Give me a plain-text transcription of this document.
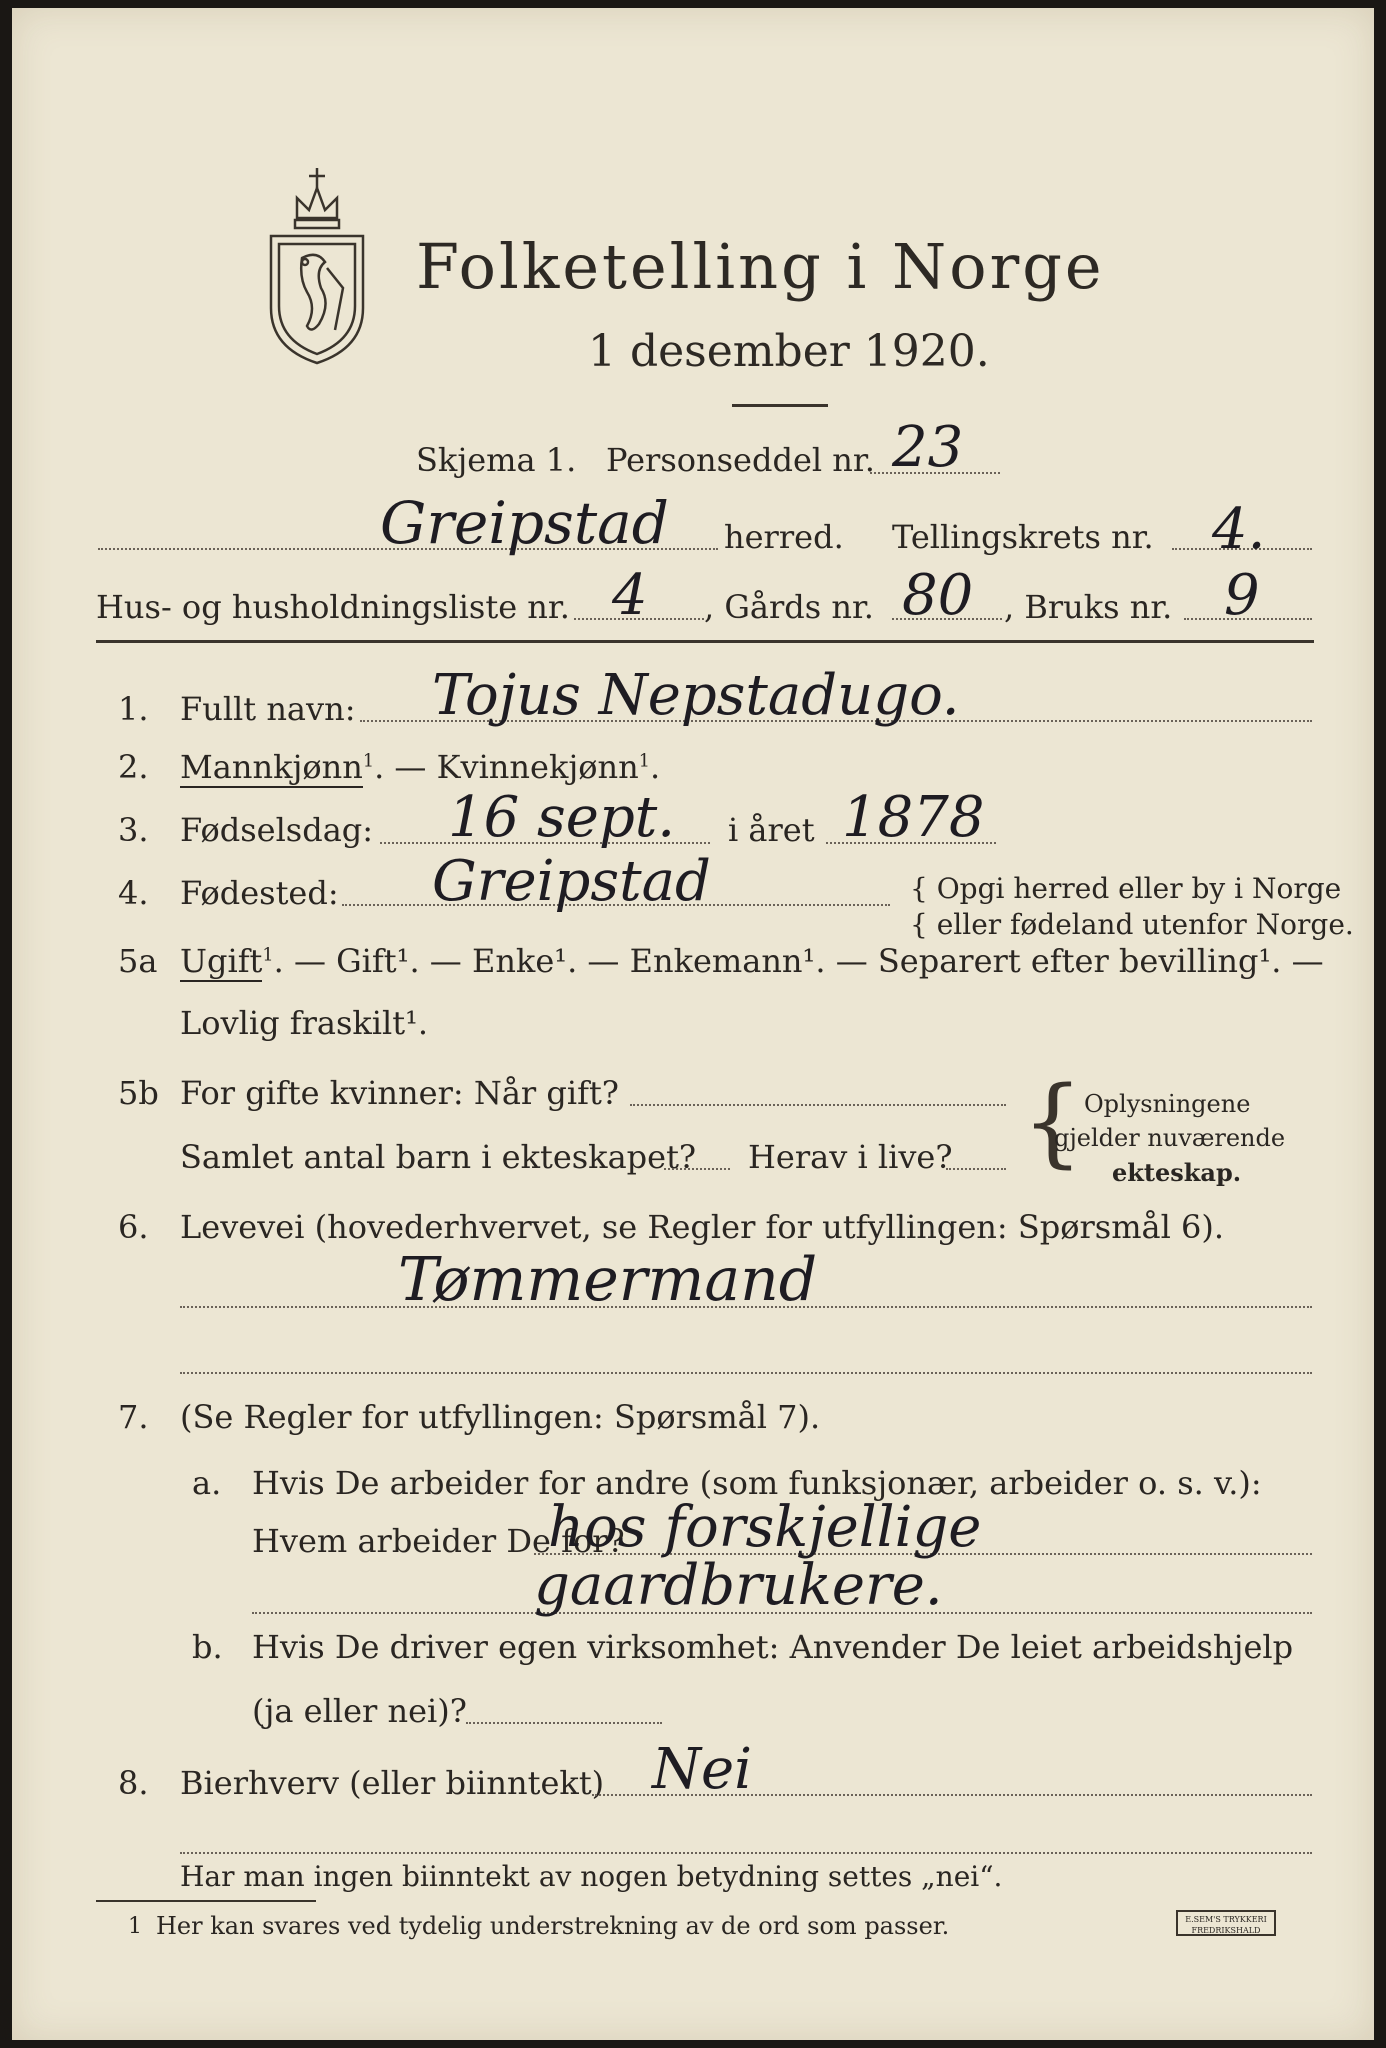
Folketelling i Norge
1 desember 1920.
Skjema 1. Personseddel nr. 23
Greipstad herred. Tellingskrets nr. 4.
Hus- og husholdningsliste nr. 4 , Gårds nr. 80 , Bruks nr. 9
1. Fullt navn: Tojus Nepstadugo.
2. Mannkjønn$^1$. — Kvinnekjønn$^1$.
3. Fødselsdag: 16 sept. i året 1878
4. Fødested: Greipstad	{ Opgi herred eller by i Norge
{ eller fødeland utenfor Norge.
5a Ugift$^1$. — Gift¹. — Enke¹. — Enkemann¹. — Separert efter bevilling¹. —
Lovlig fraskilt¹.
5b For gifte kvinner: Når gift?
Samlet antal barn i ekteskapet? Herav i live? { Oplysningene
gjelder nuværende
ekteskap.
6. Levevei (hovederhvervet, se Regler for utfyllingen: Spørsmål 6).
Tømmermand
7. (Se Regler for utfyllingen: Spørsmål 7).
a. Hvis De arbeider for andre (som funksjonær, arbeider o. s. v.):
Hvem arbeider De for?
hos forskjellige
gaardbrukere.
b. Hvis De driver egen virksomhet: Anvender De leiet arbeidshjelp
(ja eller nei)?
8. Bierhverv (eller biinntekt) Nei
Har man ingen biinntekt av nogen betydning settes „nei“.
1 Her kan svares ved tydelig understrekning av de ord som passer.	E.SEM'S TRYKKERI FREDRIKSHALD
